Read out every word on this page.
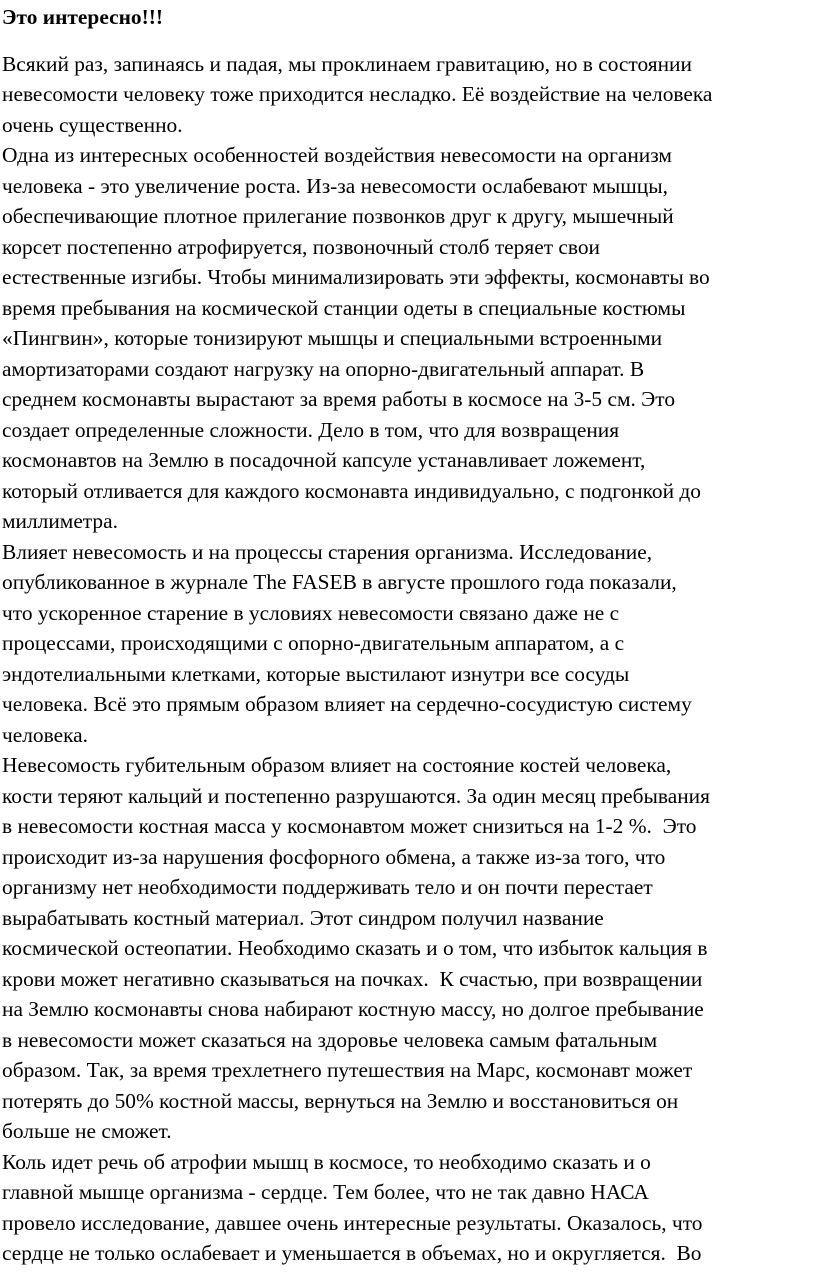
Это интересно!!!

Всякий раз, запинаясь и падая, мы проклинаем гравитацию, но в состоянии
невесомости человеку тоже приходится несладко. Её воздействие на человека
очень существенно.

Одна из интересных особенностей воздействия невесомости на организм
человека - это увеличение роста. Из-за невесомости ослабевают мышцы,
обеспечивающие плотное прилегание позвонков друг к другу, мышечный
корсет постепенно атрофируется, позвоночный столб теряет свои
естественные изгибы. Чтобы минимализировать эти эффекты, космонавты во
время пребывания на космической станции одеты в специальные костюмы
«Пингвин», которые тонизируют мышцы и специальными встроенными
амортизаторами создают нагрузку на опорно-двигательный аппарат. В
среднем космонавты вырастают за время работы в космосе на 3-5 см. Это
создает определенные сложности. Дело в том, что для возвращения
космонавтов на Землю в посадочной капсуле устанавливает ложемент,
который отливается для каждого космонавта индивидуально, с подгонкой до
миллиметра.

Влияет невесомость и на процессы старения организма. Исследование,
опубликованное в журнале The FASEB в августе прошлого года показали,
что ускоренное старение в условиях невесомости связано даже не с
процессами, происходящими с опорно-двигательным аппаратом, а с
эндотелиальными клетками, которые выстилают изнутри все сосуды
человека. Всё это прямым образом влияет на сердечно-сосудистую систему
человека.

Невесомость губительным образом влияет на состояние костей человека,
кости теряют кальций и постепенно разрушаются. За один месяц пребывания
в невесомости костная масса у космонавтом может снизиться на 1-2 %.  Это
происходит из-за нарушения фосфорного обмена, а также из-за того, что
организму нет необходимости поддерживать тело и он почти перестает
вырабатывать костный материал. Этот синдром получил название
космической остеопатии. Необходимо сказать и о том, что избыток кальция в
крови может негативно сказываться на почках.  К счастью, при возвращении
на Землю космонавты снова набирают костную массу, но долгое пребывание
в невесомости может сказаться на здоровье человека самым фатальным
образом. Так, за время трехлетнего путешествия на Марс, космонавт может
потерять до 50% костной массы, вернуться на Землю и восстановиться он
больше не сможет.

Коль идет речь об атрофии мышц в космосе, то необходимо сказать и о
главной мышце организма - сердце. Тем более, что не так давно НАСА
провело исследование, давшее очень интересные результаты. Оказалось, что
сердце не только ослабевает и уменьшается в объемах, но и округляется.  Во
